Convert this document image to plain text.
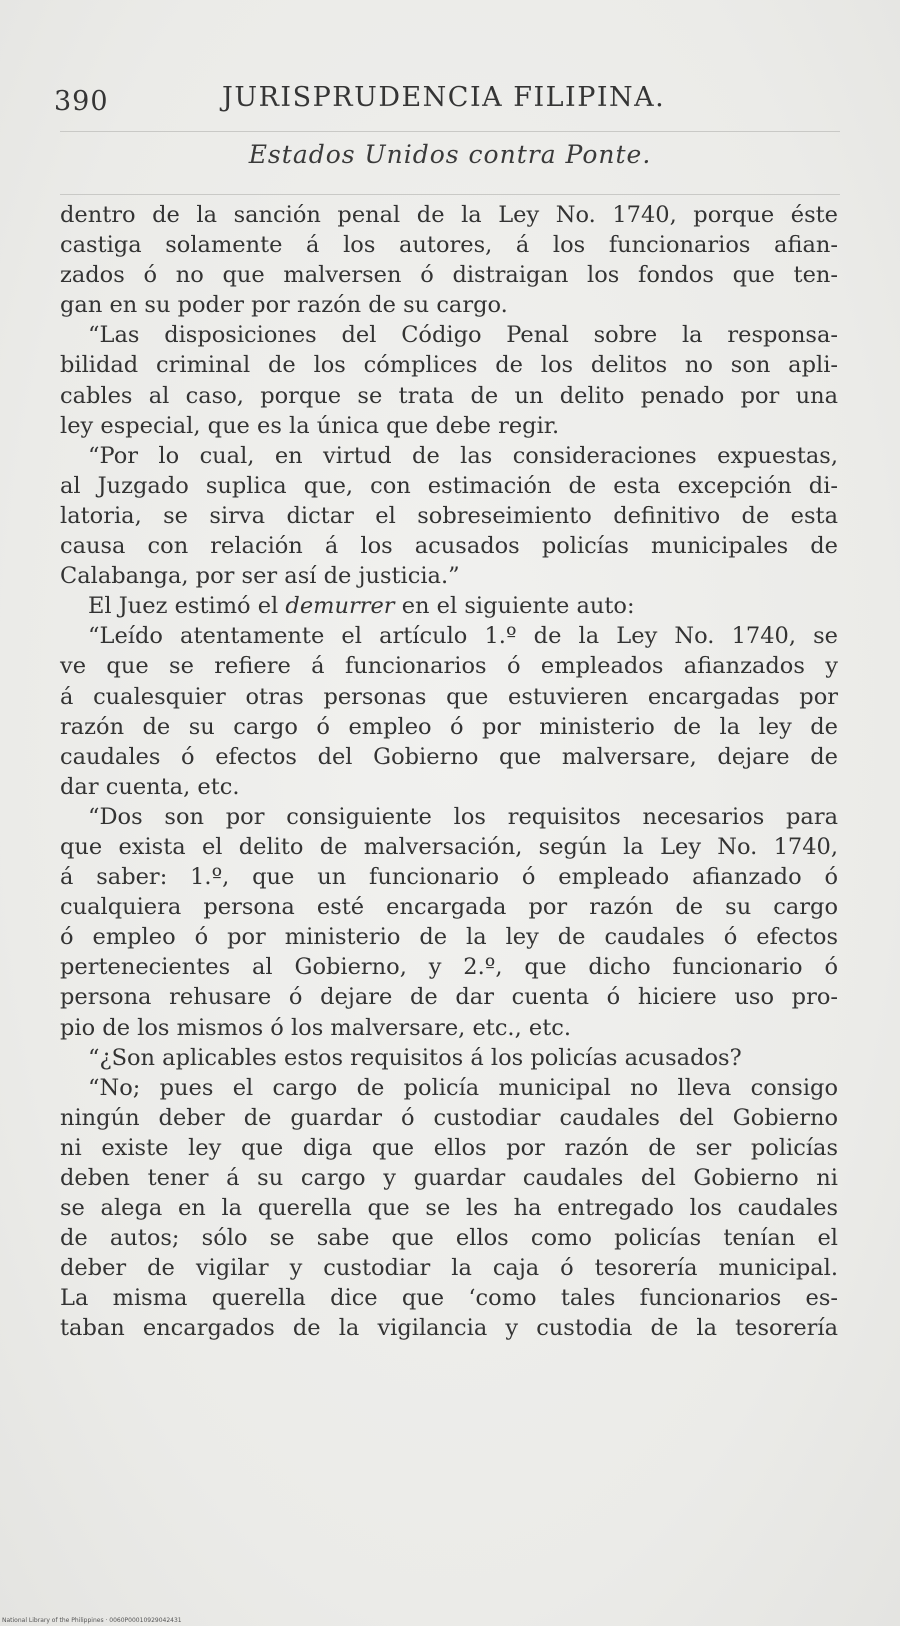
390	JURISPRUDENCIA FILIPINA.
Estados Unidos contra Ponte.
dentro de la sanción penal de la Ley No. 1740, porque éste
castiga solamente á los autores, á los funcionarios afian-
zados ó no que malversen ó distraigan los fondos que ten-
gan en su poder por razón de su cargo.
“Las disposiciones del Código Penal sobre la responsa-
bilidad criminal de los cómplices de los delitos no son apli-
cables al caso, porque se trata de un delito penado por una
ley especial, que es la única que debe regir.
“Por lo cual, en virtud de las consideraciones expuestas,
al Juzgado suplica que, con estimación de esta excepción di-
latoria, se sirva dictar el sobreseimiento definitivo de esta
causa con relación á los acusados policías municipales de
Calabanga, por ser así de justicia.”
El Juez estimó el demurrer en el siguiente auto:
“Leído atentamente el artículo 1.º de la Ley No. 1740, se
ve que se refiere á funcionarios ó empleados afianzados y
á cualesquier otras personas que estuvieren encargadas por
razón de su cargo ó empleo ó por ministerio de la ley de
caudales ó efectos del Gobierno que malversare, dejare de
dar cuenta, etc.
“Dos son por consiguiente los requisitos necesarios para
que exista el delito de malversación, según la Ley No. 1740,
á saber: 1.º, que un funcionario ó empleado afianzado ó
cualquiera persona esté encargada por razón de su cargo
ó empleo ó por ministerio de la ley de caudales ó efectos
pertenecientes al Gobierno, y 2.º, que dicho funcionario ó
persona rehusare ó dejare de dar cuenta ó hiciere uso pro-
pio de los mismos ó los malversare, etc., etc.
“¿Son aplicables estos requisitos á los policías acusados?
“No; pues el cargo de policía municipal no lleva consigo
ningún deber de guardar ó custodiar caudales del Gobierno
ni existe ley que diga que ellos por razón de ser policías
deben tener á su cargo y guardar caudales del Gobierno ni
se alega en la querella que se les ha entregado los caudales
de autos; sólo se sabe que ellos como policías tenían el
deber de vigilar y custodiar la caja ó tesorería municipal.
La misma querella dice que ‘como tales funcionarios es-
taban encargados de la vigilancia y custodia de la tesorería
National Library of the Philippines · 0060P00010929042431
